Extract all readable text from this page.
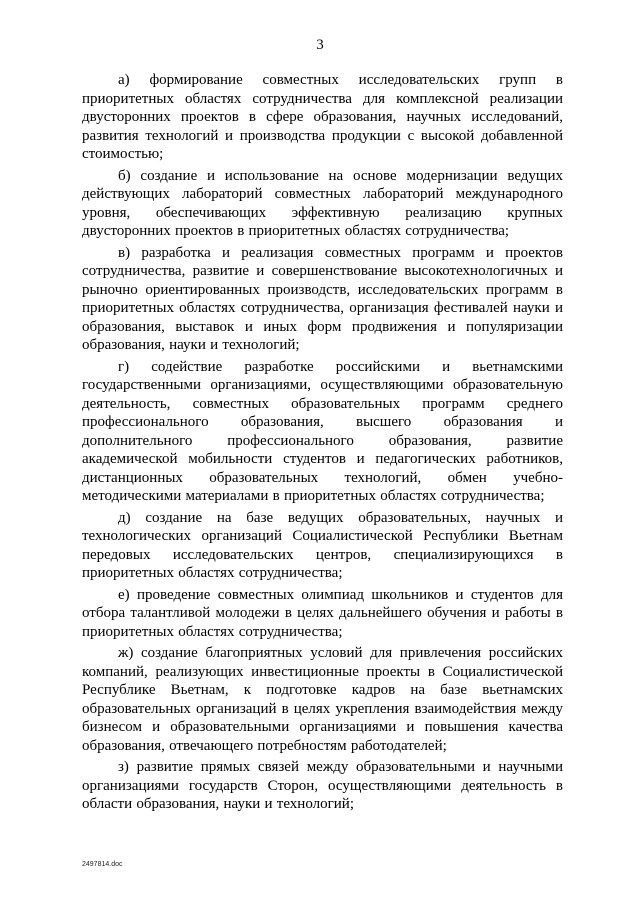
3

а) формирование совместных исследовательских групп в приоритетных областях сотрудничества для комплексной реализации двусторонних проектов в сфере образования, научных исследований, развития технологий и производства продукции с высокой добавленной стоимостью;

б) создание и использование на основе модернизации ведущих действующих лабораторий совместных лабораторий международного уровня, обеспечивающих эффективную реализацию крупных двусторонних проектов в приоритетных областях сотрудничества;

в) разработка и реализация совместных программ и проектов сотрудничества, развитие и совершенствование высокотехнологичных и рыночно ориентированных производств, исследовательских программ в приоритетных областях сотрудничества, организация фестивалей науки и образования, выставок и иных форм продвижения и популяризации образования, науки и технологий;

г) содействие разработке российскими и вьетнамскими государственными организациями, осуществляющими образовательную деятельность, совместных образовательных программ среднего профессионального образования, высшего образования и дополнительного профессионального образования, развитие академической мобильности студентов и педагогических работников, дистанционных образовательных технологий, обмен учебно-методическими материалами в приоритетных областях сотрудничества;

д) создание на базе ведущих образовательных, научных и технологических организаций Социалистической Республики Вьетнам передовых исследовательских центров, специализирующихся в приоритетных областях сотрудничества;

е) проведение совместных олимпиад школьников и студентов для отбора талантливой молодежи в целях дальнейшего обучения и работы в приоритетных областях сотрудничества;

ж) создание благоприятных условий для привлечения российских компаний, реализующих инвестиционные проекты в Социалистической Республике Вьетнам, к подготовке кадров на базе вьетнамских образовательных организаций в целях укрепления взаимодействия между бизнесом и образовательными организациями и повышения качества образования, отвечающего потребностям работодателей;

з) развитие прямых связей между образовательными и научными организациями государств Сторон, осуществляющими деятельность в области образования, науки и технологий;

2497814.doc
